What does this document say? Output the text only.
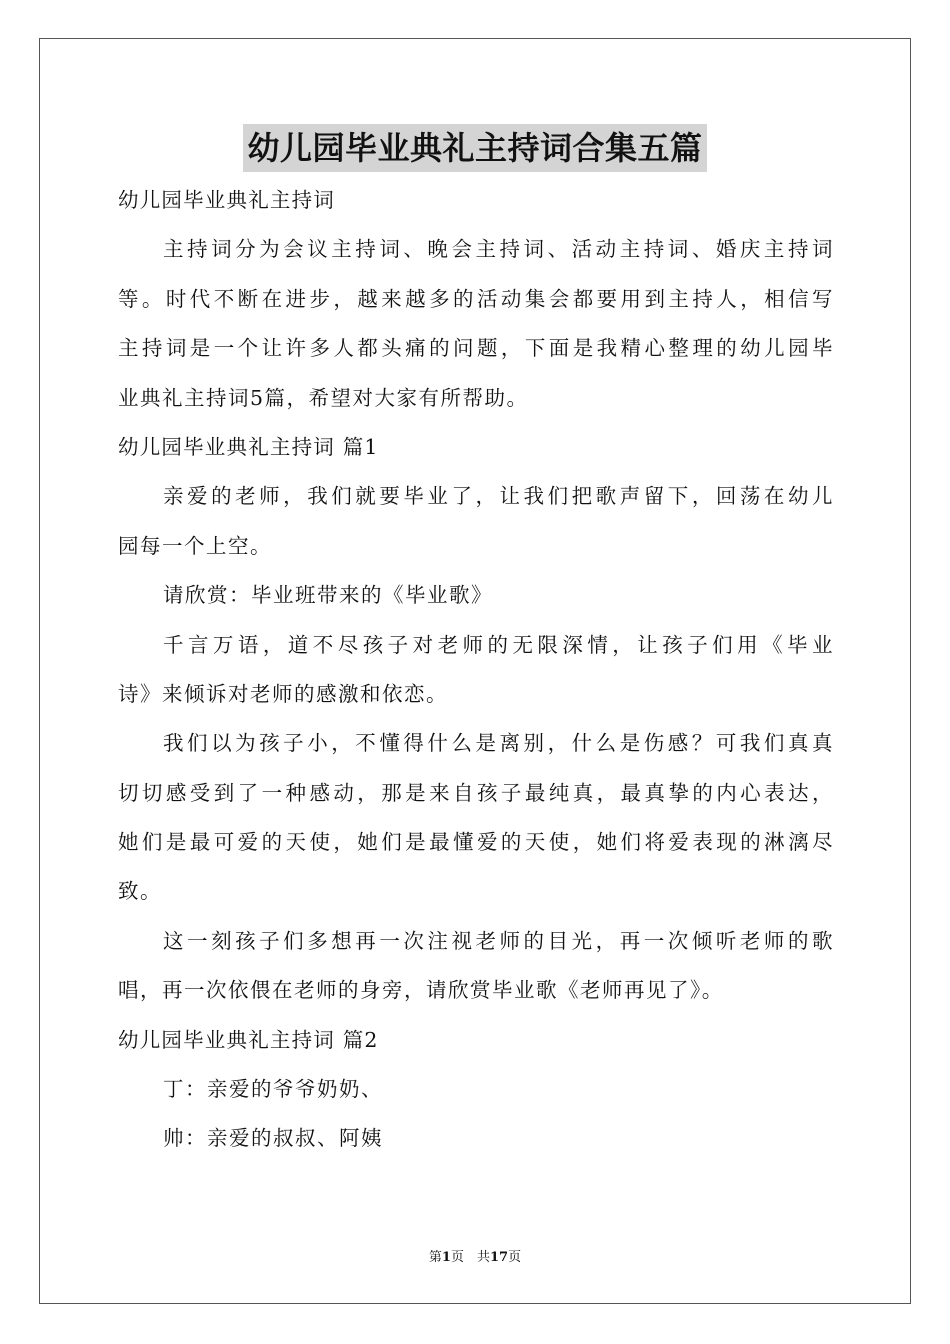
幼儿园毕业典礼主持词合集五篇
幼儿园毕业典礼主持词
主持词分为会议主持词、晚会主持词、活动主持词、婚庆主持词
等。时代不断在进步，越来越多的活动集会都要用到主持人，相信写
主持词是一个让许多人都头痛的问题，下面是我精心整理的幼儿园毕
业典礼主持词5篇，希望对大家有所帮助。
幼儿园毕业典礼主持词 篇1
亲爱的老师，我们就要毕业了，让我们把歌声留下，回荡在幼儿
园每一个上空。
请欣赏：毕业班带来的《毕业歌》
千言万语，道不尽孩子对老师的无限深情，让孩子们用《毕业
诗》来倾诉对老师的感激和依恋。
我们以为孩子小，不懂得什么是离别，什么是伤感？可我们真真
切切感受到了一种感动，那是来自孩子最纯真，最真挚的内心表达，
她们是最可爱的天使，她们是最懂爱的天使，她们将爱表现的淋漓尽
致。
这一刻孩子们多想再一次注视老师的目光，再一次倾听老师的歌
唱，再一次依偎在老师的身旁，请欣赏毕业歌《老师再见了》。
幼儿园毕业典礼主持词 篇2
丁：亲爱的爷爷奶奶、
帅：亲爱的叔叔、阿姨
第1页　共17页
